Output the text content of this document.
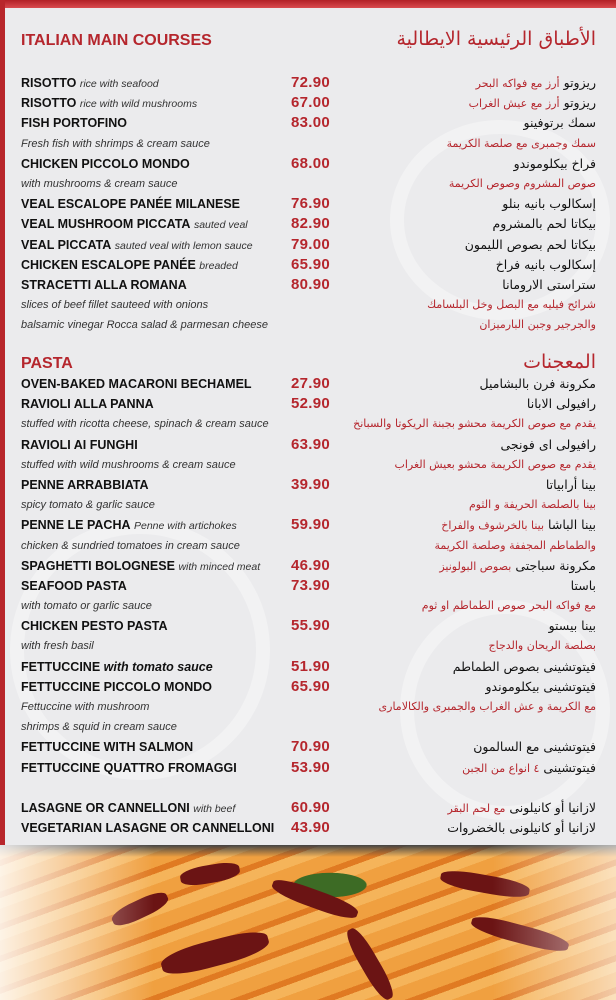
ITALIAN MAIN COURSES	الأطباق الرئيسية الايطالية
RISOTTO rice with seafood	72.90	ريزوتو أرز مع فواكه البحر
RISOTTO rice with wild mushrooms	67.00	ريزوتو أرز مع عيش الغراب
FISH PORTOFINO	83.00	سمك برتوفينو
Fresh fish with shrimps & cream sauce	سمك وجمبرى مع صلصة الكريمة
CHICKEN PICCOLO MONDO	68.00	فراخ بيكلوموندو
with mushrooms & cream sauce	صوص المشروم وصوص الكريمة
VEAL ESCALOPE PANÉE MILANESE	76.90	إسكالوب بانيه بنلو
VEAL MUSHROOM PICCATA sauted veal	82.90	بيكاتا لحم بالمشروم
VEAL PICCATA sauted veal with lemon sauce	79.00	بيكاتا لحم بصوص الليمون
CHICKEN ESCALOPE PANÉE breaded	65.90	إسكالوب بانيه فراخ
STRACETTI ALLA ROMANA	80.90	ستراستى الارومانا
slices of beef fillet sauteed with onions	شرائح فيليه مع البصل وخل البلسامك
balsamic vinegar Rocca salad & parmesan cheese	والجرجير وجبن البارميزان
PASTA	المعجنات
OVEN-BAKED MACARONI BECHAMEL	27.90	مكرونة فرن بالبشاميل
RAVIOLI ALLA PANNA	52.90	رافيولى الابانا
stuffed with ricotta cheese, spinach & cream sauce	يقدم مع صوص الكريمة محشو بجبنة الريكوتا والسبانخ
RAVIOLI AI FUNGHI	63.90	رافيولى اى فونجى
stuffed with wild mushrooms & cream sauce	يقدم مع صوص الكريمة محشو بعيش الغراب
PENNE ARRABBIATA	39.90	بينا أرابياتا
spicy tomato & garlic sauce	بينا بالصلصة الحريفة و الثوم
PENNE LE PACHA Penne with artichokes	59.90	بينا الباشا بينا بالخرشوف والفراخ
chicken & sundried tomatoes in cream sauce	والطماطم المجففة وصلصة الكريمة
SPAGHETTI BOLOGNESE with minced meat 46.90	مكرونة سباجتى بصوص البولونيز
SEAFOOD PASTA	73.90	باستا
with tomato or garlic sauce	مع فواكه البحر صوص الطماطم او ثوم
CHICKEN PESTO PASTA	55.90	بينا بيستو
with fresh basil	بصلصة الريحان والدجاج
FETTUCCINE with tomato sauce	51.90	فيتوتشينى بصوص الطماطم
FETTUCCINE PICCOLO MONDO	65.90	فيتوتشينى بيكلوموندو
Fettuccine with mushroom	مع الكريمة و عش الغراب والجمبرى والكالامارى
shrimps & squid in cream sauce
FETTUCCINE WITH SALMON	70.90	فيتوتشينى مع السالمون
FETTUCCINE QUATTRO FROMAGGI	53.90	فيتوتشينى ٤ انواع من الجبن
LASAGNE OR CANNELLONI with beef	60.90	لازانيا أو كانيلونى مع لحم البقر
VEGETARIAN LASAGNE OR CANNELLONI 43.90	لازانيا أو كانيلونى بالخضروات
